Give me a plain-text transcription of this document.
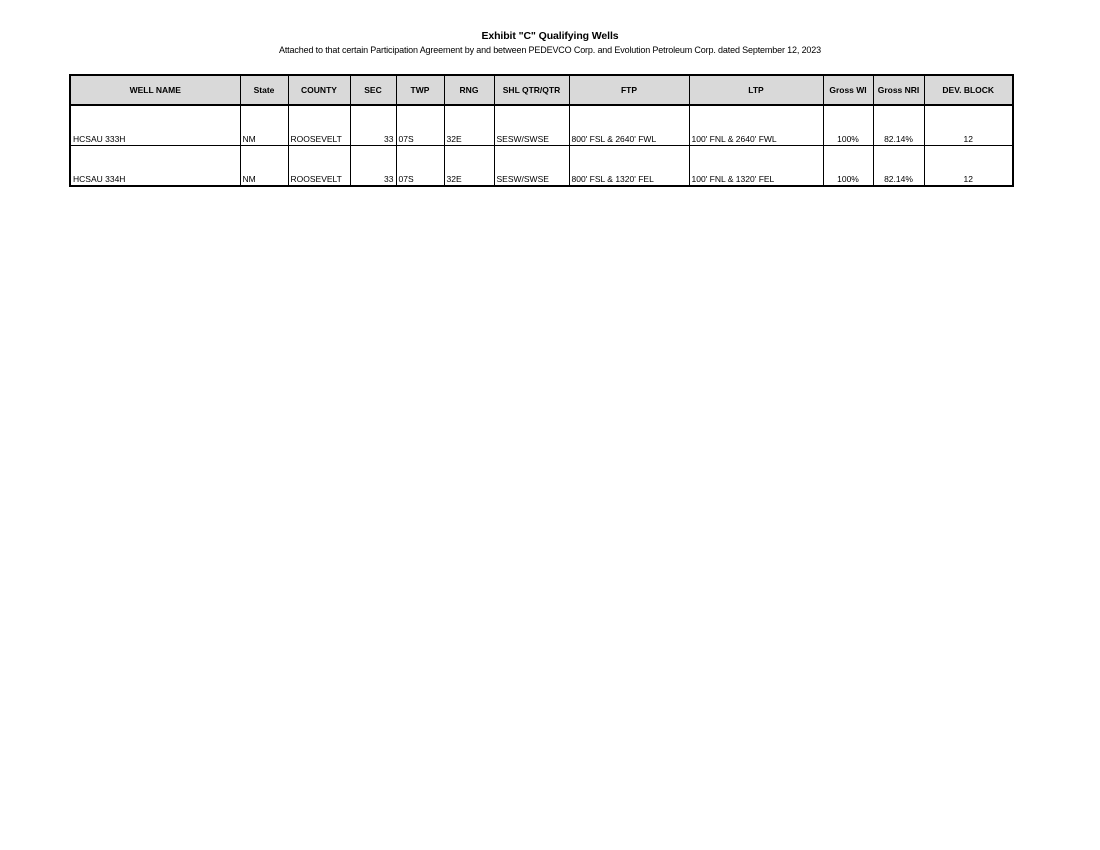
Exhibit "C" Qualifying Wells
Attached to that certain Participation Agreement by and between PEDEVCO Corp. and Evolution Petroleum Corp. dated September 12, 2023
WELL NAME	State	COUNTY	SEC	TWP	RNG	SHL QTR/QTR	FTP	LTP	Gross WI	Gross NRI	DEV. BLOCK
HCSAU 333H	NM	ROOSEVELT	33	07S	32E	SESW/SWSE	800' FSL & 2640' FWL	100' FNL & 2640' FWL	100%	82.14%	12
HCSAU 334H	NM	ROOSEVELT	33	07S	32E	SESW/SWSE	800' FSL & 1320' FEL	100' FNL & 1320' FEL	100%	82.14%	12
